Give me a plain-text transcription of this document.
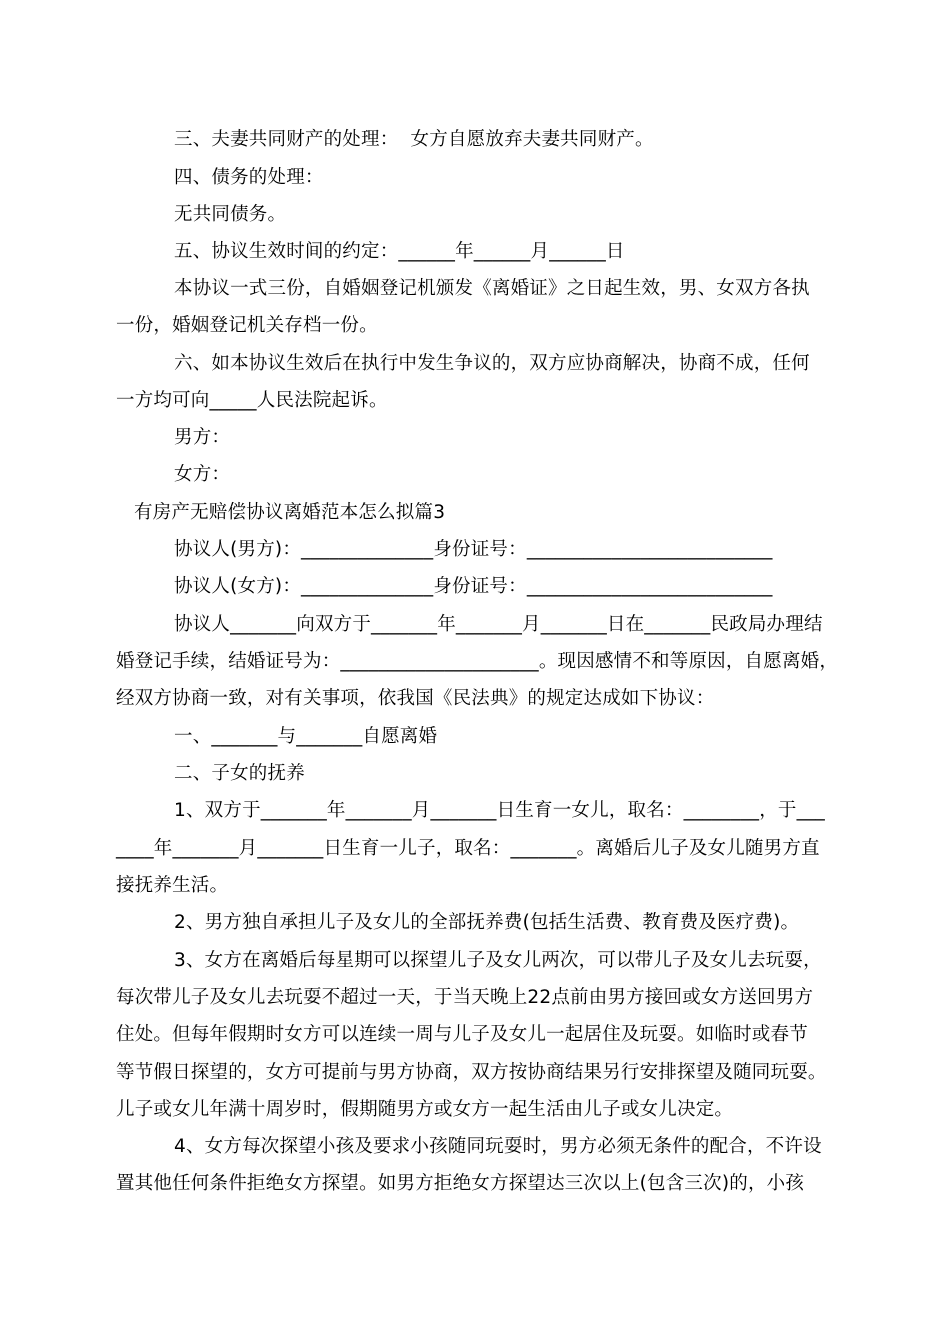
三、夫妻共同财产的处理：  女方自愿放弃夫妻共同财产。
四、债务的处理：
无共同债务。
五、协议生效时间的约定：______年______月______日
本协议一式三份，自婚姻登记机颁发《离婚证》之日起生效，男、女双方各执
一份，婚姻登记机关存档一份。
六、如本协议生效后在执行中发生争议的，双方应协商解决，协商不成，任何
一方均可向_____人民法院起诉。
男方：
女方：
有房产无赔偿协议离婚范本怎么拟篇3
协议人(男方)：______________身份证号：__________________________
协议人(女方)：______________身份证号：__________________________
协议人_______向双方于_______年_______月_______日在_______民政局办理结
婚登记手续，结婚证号为：_____________________。现因感情不和等原因，自愿离婚，
经双方协商一致，对有关事项，依我国《民法典》的规定达成如下协议：
一、_______与_______自愿离婚
二、子女的抚养
1、双方于_______年_______月_______日生育一女儿，取名：________，于___
____年_______月_______日生育一儿子，取名：_______。离婚后儿子及女儿随男方直
接抚养生活。
2、男方独自承担儿子及女儿的全部抚养费(包括生活费、教育费及医疗费)。
3、女方在离婚后每星期可以探望儿子及女儿两次，可以带儿子及女儿去玩耍，
每次带儿子及女儿去玩耍不超过一天，于当天晚上22点前由男方接回或女方送回男方
住处。但每年假期时女方可以连续一周与儿子及女儿一起居住及玩耍。如临时或春节
等节假日探望的，女方可提前与男方协商，双方按协商结果另行安排探望及随同玩耍。
儿子或女儿年满十周岁时，假期随男方或女方一起生活由儿子或女儿决定。
4、女方每次探望小孩及要求小孩随同玩耍时，男方必须无条件的配合，不许设
置其他任何条件拒绝女方探望。如男方拒绝女方探望达三次以上(包含三次)的，小孩
